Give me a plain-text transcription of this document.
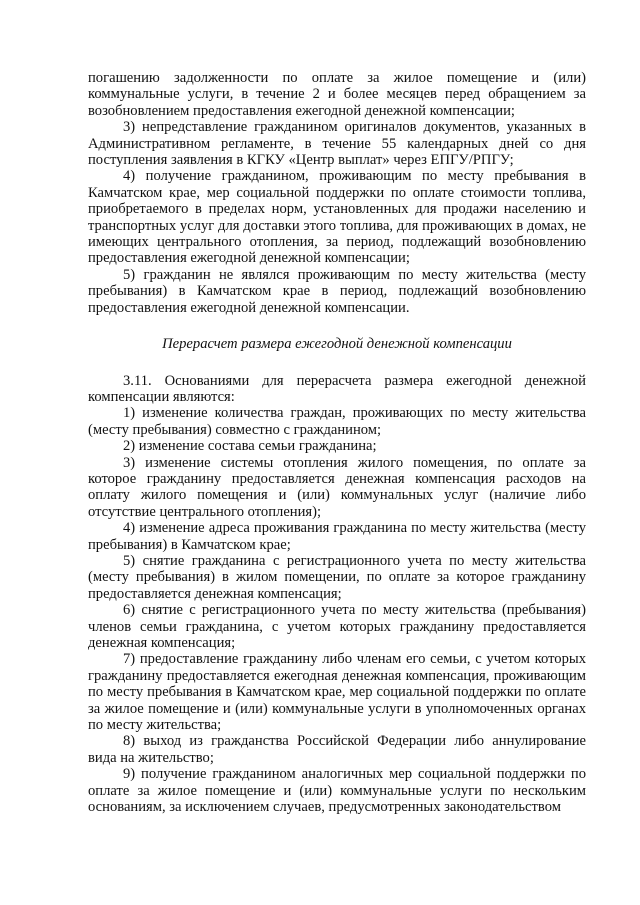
погашению задолженности по оплате за жилое помещение и (или) коммунальные услуги, в течение 2 и более месяцев перед обращением за возобновлением предоставления ежегодной денежной компенсации;

3) непредставление гражданином оригиналов документов, указанных в Административном регламенте, в течение 55 календарных дней со дня поступления заявления в КГКУ «Центр выплат» через ЕПГУ/РПГУ;

4) получение гражданином, проживающим по месту пребывания в Камчатском крае, мер социальной поддержки по оплате стоимости топлива, приобретаемого в пределах норм, установленных для продажи населению и транспортных услуг для доставки этого топлива, для проживающих в домах, не имеющих центрального отопления, за период, подлежащий возобновлению предоставления ежегодной денежной компенсации;

5) гражданин не являлся проживающим по месту жительства (месту пребывания) в Камчатском крае в период, подлежащий возобновлению предоставления ежегодной денежной компенсации.

Перерасчет размера ежегодной денежной компенсации

3.11. Основаниями для перерасчета размера ежегодной денежной компенсации являются:

1) изменение количества граждан, проживающих по месту жительства (месту пребывания) совместно с гражданином;

2) изменение состава семьи гражданина;

3) изменение системы отопления жилого помещения, по оплате за которое гражданину предоставляется денежная компенсация расходов на оплату жилого помещения и (или) коммунальных услуг (наличие либо отсутствие центрального отопления);

4) изменение адреса проживания гражданина по месту жительства (месту пребывания) в Камчатском крае;

5) снятие гражданина с регистрационного учета по месту жительства (месту пребывания) в жилом помещении, по оплате за которое гражданину предоставляется денежная компенсация;

6) снятие с регистрационного учета по месту жительства (пребывания) членов семьи гражданина, с учетом которых гражданину предоставляется денежная компенсация;

7) предоставление гражданину либо членам его семьи, с учетом которых гражданину предоставляется ежегодная денежная компенсация, проживающим по месту пребывания в Камчатском крае, мер социальной поддержки по оплате за жилое помещение и (или) коммунальные услуги в уполномоченных органах по месту жительства;

8) выход из гражданства Российской Федерации либо аннулирование вида на жительство;

9) получение гражданином аналогичных мер социальной поддержки по оплате за жилое помещение и (или) коммунальные услуги по нескольким основаниям, за исключением случаев, предусмотренных законодательством
